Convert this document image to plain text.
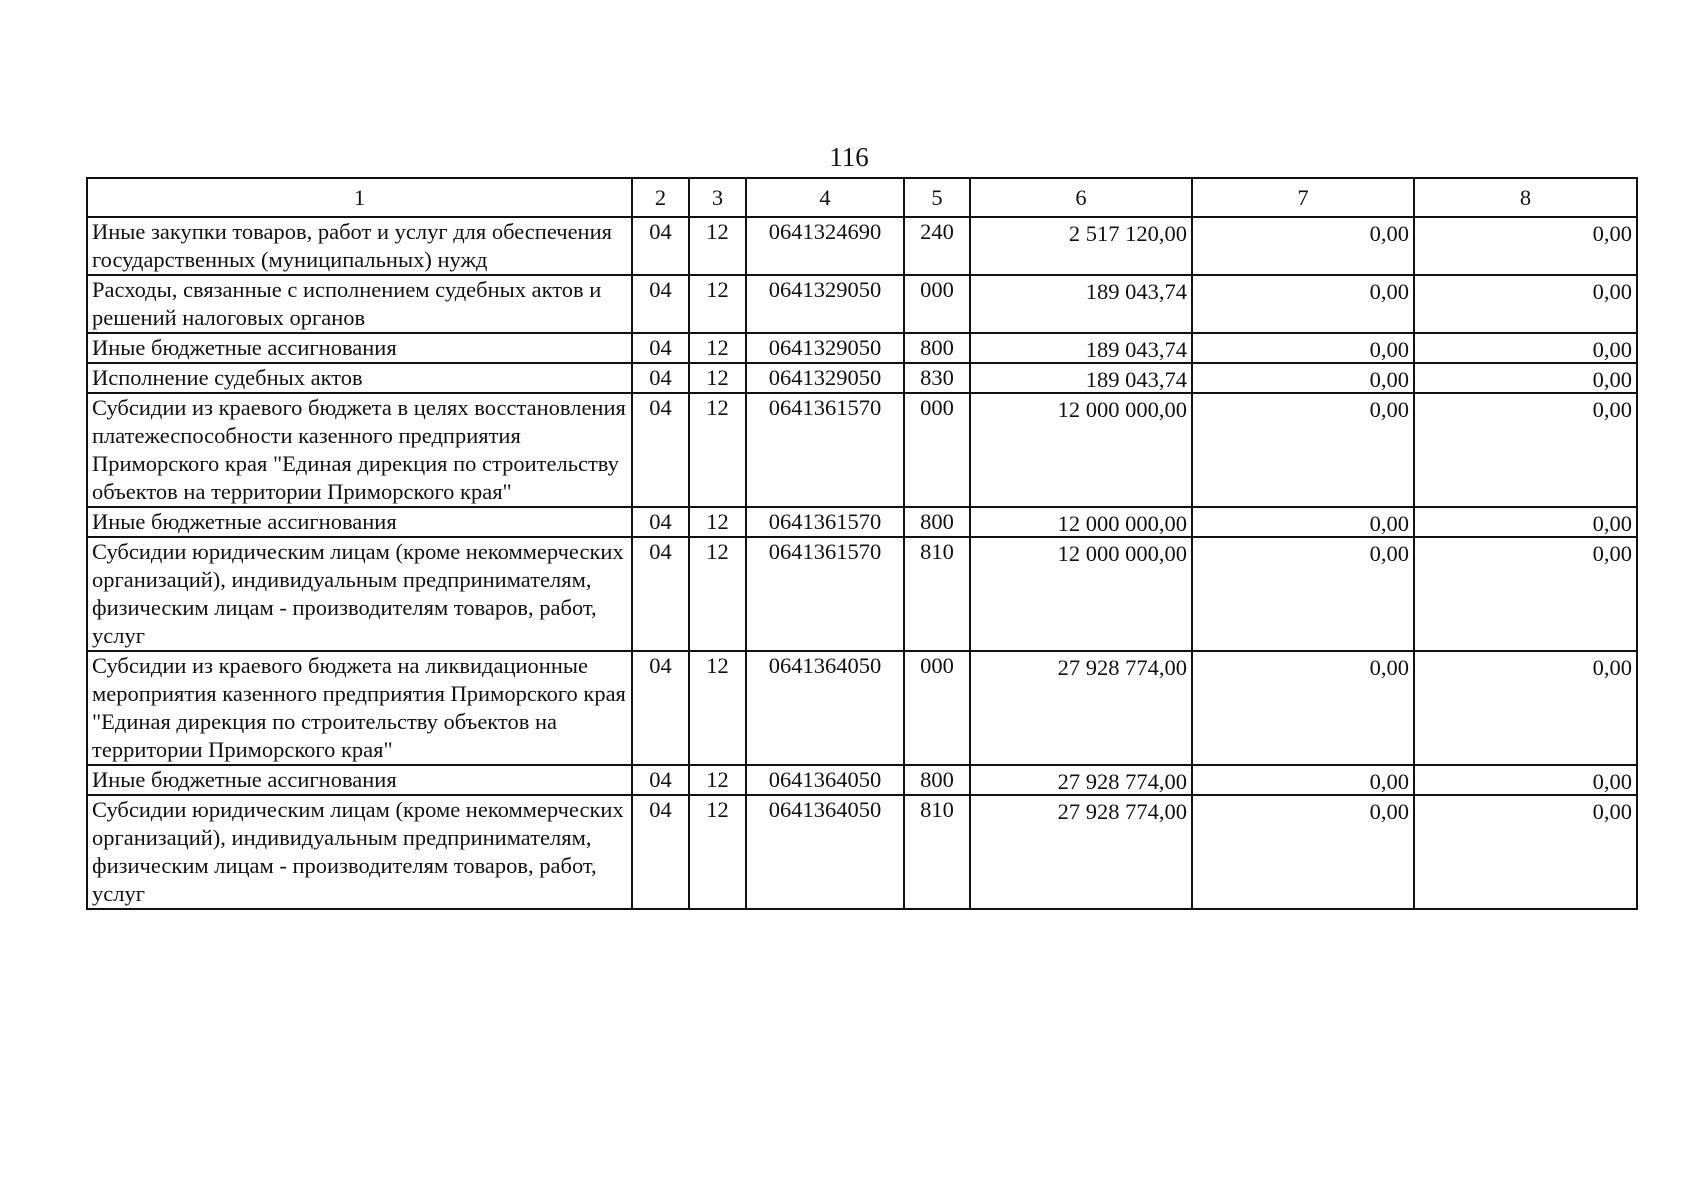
116
1	2	3	4	5	6	7	8
Иные закупки товаров, работ и услуг для обеспечения государственных (муниципальных) нужд	04	12	0641324690	240	2 517 120,00	0,00	0,00
Расходы, связанные с исполнением судебных актов и решений налоговых органов	04	12	0641329050	000	189 043,74	0,00	0,00
Иные бюджетные ассигнования	04	12	0641329050	800	189 043,74	0,00	0,00
Исполнение судебных актов	04	12	0641329050	830	189 043,74	0,00	0,00
Субсидии из краевого бюджета в целях восстановления платежеспособности казенного предприятия Приморского края "Единая дирекция по строительству объектов на территории Приморского края"	04	12	0641361570	000	12 000 000,00	0,00	0,00
Иные бюджетные ассигнования	04	12	0641361570	800	12 000 000,00	0,00	0,00
Субсидии юридическим лицам (кроме некоммерческих организаций), индивидуальным предпринимателям, физическим лицам - производителям товаров, работ, услуг	04	12	0641361570	810	12 000 000,00	0,00	0,00
Субсидии из краевого бюджета на ликвидационные мероприятия казенного предприятия Приморского края "Единая дирекция по строительству объектов на территории Приморского края"	04	12	0641364050	000	27 928 774,00	0,00	0,00
Иные бюджетные ассигнования	04	12	0641364050	800	27 928 774,00	0,00	0,00
Субсидии юридическим лицам (кроме некоммерческих организаций), индивидуальным предпринимателям, физическим лицам - производителям товаров, работ, услуг	04	12	0641364050	810	27 928 774,00	0,00	0,00
